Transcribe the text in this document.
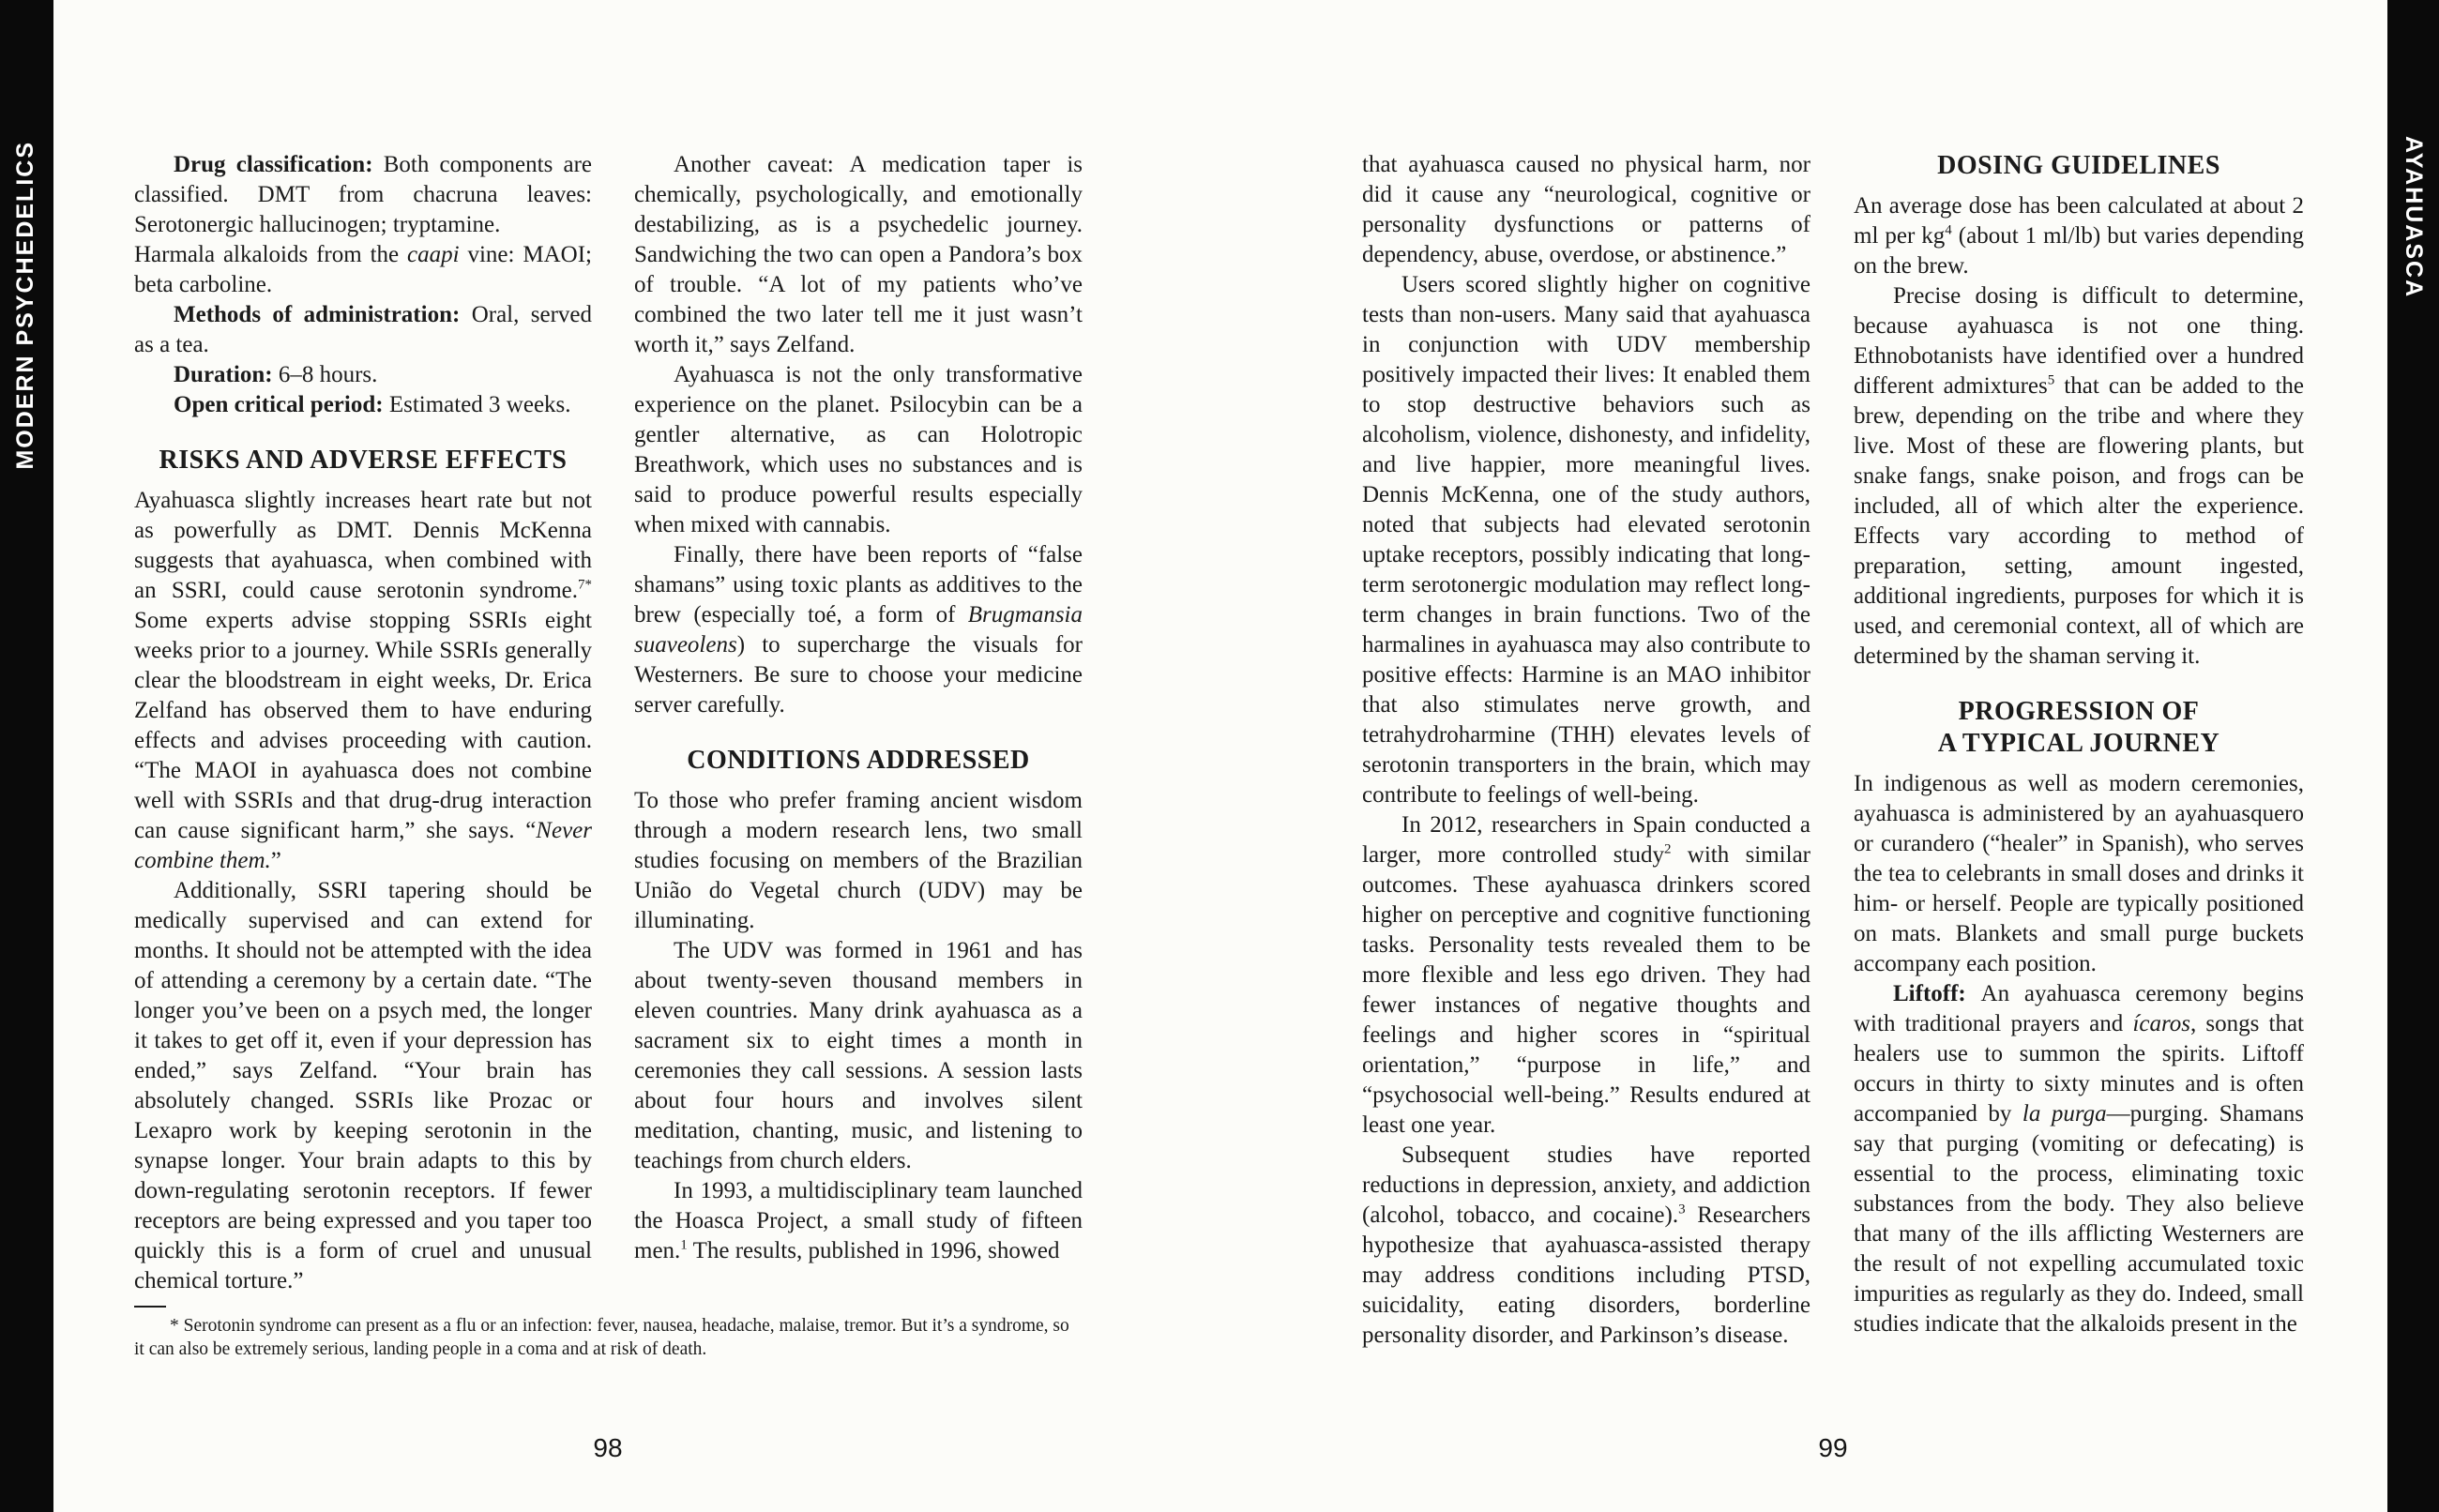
MODERN PSYCHEDELICS	AYAHUASCA

Drug classification: Both components are classified. DMT from chacruna leaves: Serotonergic hallucinogen; tryptamine.

Harmala alkaloids from the caapi vine: MAOI; beta carboline.

Methods of administration: Oral, served as a tea.

Duration: 6–8 hours.

Open critical period: Estimated 3 weeks.

RISKS AND ADVERSE EFFECTS

Ayahuasca slightly increases heart rate but not as powerfully as DMT. Dennis McKenna suggests that ayahuasca, when combined with an SSRI, could cause serotonin syndrome.$^{7*}$ Some experts advise stopping SSRIs eight weeks prior to a journey. While SSRIs generally clear the bloodstream in eight weeks, Dr. Erica Zelfand has observed them to have enduring effects and advises proceeding with caution. “The MAOI in ayahuasca does not combine well with SSRIs and that drug-drug interaction can cause significant harm,” she says. “Never combine them.”

Additionally, SSRI tapering should be medically supervised and can extend for months. It should not be attempted with the idea of attending a ceremony by a certain date. “The longer you’ve been on a psych med, the longer it takes to get off it, even if your depression has ended,” says Zelfand. “Your brain has absolutely changed. SSRIs like Prozac or Lexapro work by keeping serotonin in the synapse longer. Your brain adapts to this by down-regulating serotonin receptors. If fewer receptors are being expressed and you taper too quickly this is a form of cruel and unusual chemical torture.”

Another caveat: A medication taper is chemically, psychologically, and emotionally destabilizing, as is a psychedelic journey. Sandwiching the two can open a Pandora’s box of trouble. “A lot of my patients who’ve combined the two later tell me it just wasn’t worth it,” says Zelfand.

Ayahuasca is not the only transformative experience on the planet. Psilocybin can be a gentler alternative, as can Holotropic Breathwork, which uses no substances and is said to produce powerful results especially when mixed with cannabis.

Finally, there have been reports of “false shamans” using toxic plants as additives to the brew (especially toé, a form of Brugmansia suaveolens) to supercharge the visuals for Westerners. Be sure to choose your medicine server carefully.

CONDITIONS ADDRESSED

To those who prefer framing ancient wisdom through a modern research lens, two small studies focusing on members of the Brazilian União do Vegetal church (UDV) may be illuminating.

The UDV was formed in 1961 and has about twenty-seven thousand members in eleven countries. Many drink ayahuasca as a sacrament six to eight times a month in ceremonies they call sessions. A session lasts about four hours and involves silent meditation, chanting, music, and listening to teachings from church elders.

In 1993, a multidisciplinary team launched the Hoasca Project, a small study of fifteen men.$^1$ The results, published in 1996, showed

* Serotonin syndrome can present as a flu or an infection: fever, nausea, headache, malaise, tremor. But it’s a syndrome, so it can also be extremely serious, landing people in a coma and at risk of death.

98

that ayahuasca caused no physical harm, nor did it cause any “neurological, cognitive or personality dysfunctions or patterns of dependency, abuse, overdose, or abstinence.”

Users scored slightly higher on cognitive tests than non-users. Many said that ayahuasca in conjunction with UDV membership positively impacted their lives: It enabled them to stop destructive behaviors such as alcoholism, violence, dishonesty, and infidelity, and live happier, more meaningful lives. Dennis McKenna, one of the study authors, noted that subjects had elevated serotonin uptake receptors, possibly indicating that long-term serotonergic modulation may reflect long-term changes in brain functions. Two of the harmalines in ayahuasca may also contribute to positive effects: Harmine is an MAO inhibitor that also stimulates nerve growth, and tetrahydroharmine (THH) elevates levels of serotonin transporters in the brain, which may contribute to feelings of well-being.

In 2012, researchers in Spain conducted a larger, more controlled study$^2$ with similar outcomes. These ayahuasca drinkers scored higher on perceptive and cognitive functioning tasks. Personality tests revealed them to be more flexible and less ego driven. They had fewer instances of negative thoughts and feelings and higher scores in “spiritual orientation,” “purpose in life,” and “psychosocial well-being.” Results endured at least one year.

Subsequent studies have reported reductions in depression, anxiety, and addiction (alcohol, tobacco, and cocaine).$^3$ Researchers hypothesize that ayahuasca-assisted therapy may address conditions including PTSD, suicidality, eating disorders, borderline personality disorder, and Parkinson’s disease.

DOSING GUIDELINES

An average dose has been calculated at about 2 ml per $kg^4$ (about 1 ml/lb) but varies depending on the brew.

Precise dosing is difficult to determine, because ayahuasca is not one thing. Ethnobotanists have identified over a hundred different admixtures$^5$ that can be added to the brew, depending on the tribe and where they live. Most of these are flowering plants, but snake fangs, snake poison, and frogs can be included, all of which alter the experience. Effects vary according to method of preparation, setting, amount ingested, additional ingredients, purposes for which it is used, and ceremonial context, all of which are determined by the shaman serving it.

PROGRESSION OF
A TYPICAL JOURNEY

In indigenous as well as modern ceremonies, ayahuasca is administered by an ayahuasquero or curandero (“healer” in Spanish), who serves the tea to celebrants in small doses and drinks it him- or herself. People are typically positioned on mats. Blankets and small purge buckets accompany each position.

Liftoff: An ayahuasca ceremony begins with traditional prayers and ícaros, songs that healers use to summon the spirits. Liftoff occurs in thirty to sixty minutes and is often accompanied by la purga—purging. Shamans say that purging (vomiting or defecating) is essential to the process, eliminating toxic substances from the body. They also believe that many of the ills afflicting Westerners are the result of not expelling accumulated toxic impurities as regularly as they do. Indeed, small studies indicate that the alkaloids present in the

99
